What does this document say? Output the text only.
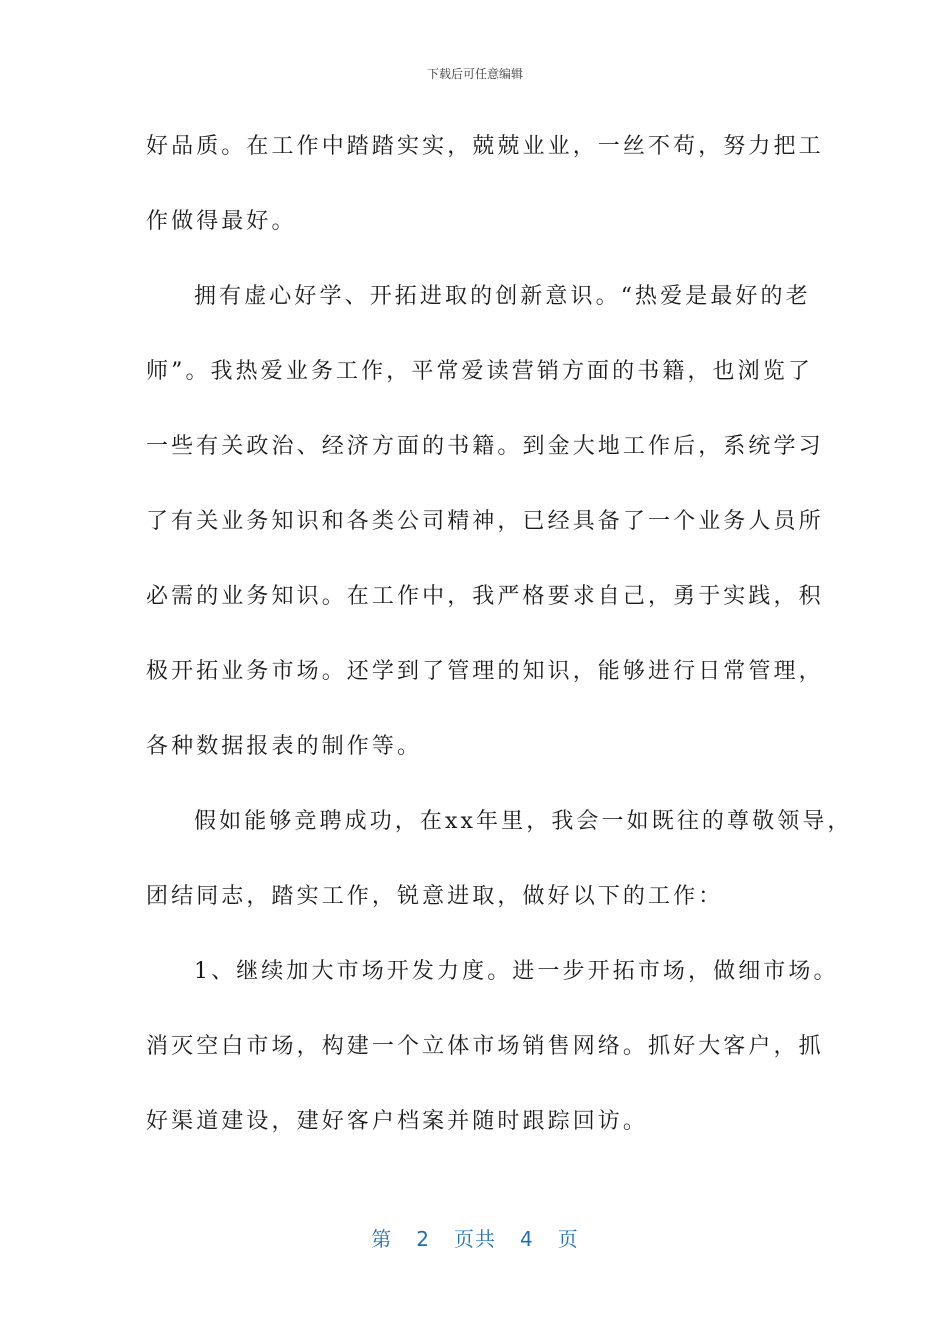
下载后可任意编辑
好品质。在工作中踏踏实实，兢兢业业，一丝不苟，努力把工
作做得最好。
拥有虚心好学、开拓进取的创新意识。“热爱是最好的老
师”。我热爱业务工作，平常爱读营销方面的书籍，也浏览了
一些有关政治、经济方面的书籍。到金大地工作后，系统学习
了有关业务知识和各类公司精神，已经具备了一个业务人员所
必需的业务知识。在工作中，我严格要求自己，勇于实践，积
极开拓业务市场。还学到了管理的知识，能够进行日常管理，
各种数据报表的制作等。
假如能够竞聘成功，在xx年里，我会一如既往的尊敬领导，
团结同志，踏实工作，锐意进取，做好以下的工作：
1、继续加大市场开发力度。进一步开拓市场，做细市场。
消灭空白市场，构建一个立体市场销售网络。抓好大客户，抓
好渠道建设，建好客户档案并随时跟踪回访。
第 2 页共 4 页
